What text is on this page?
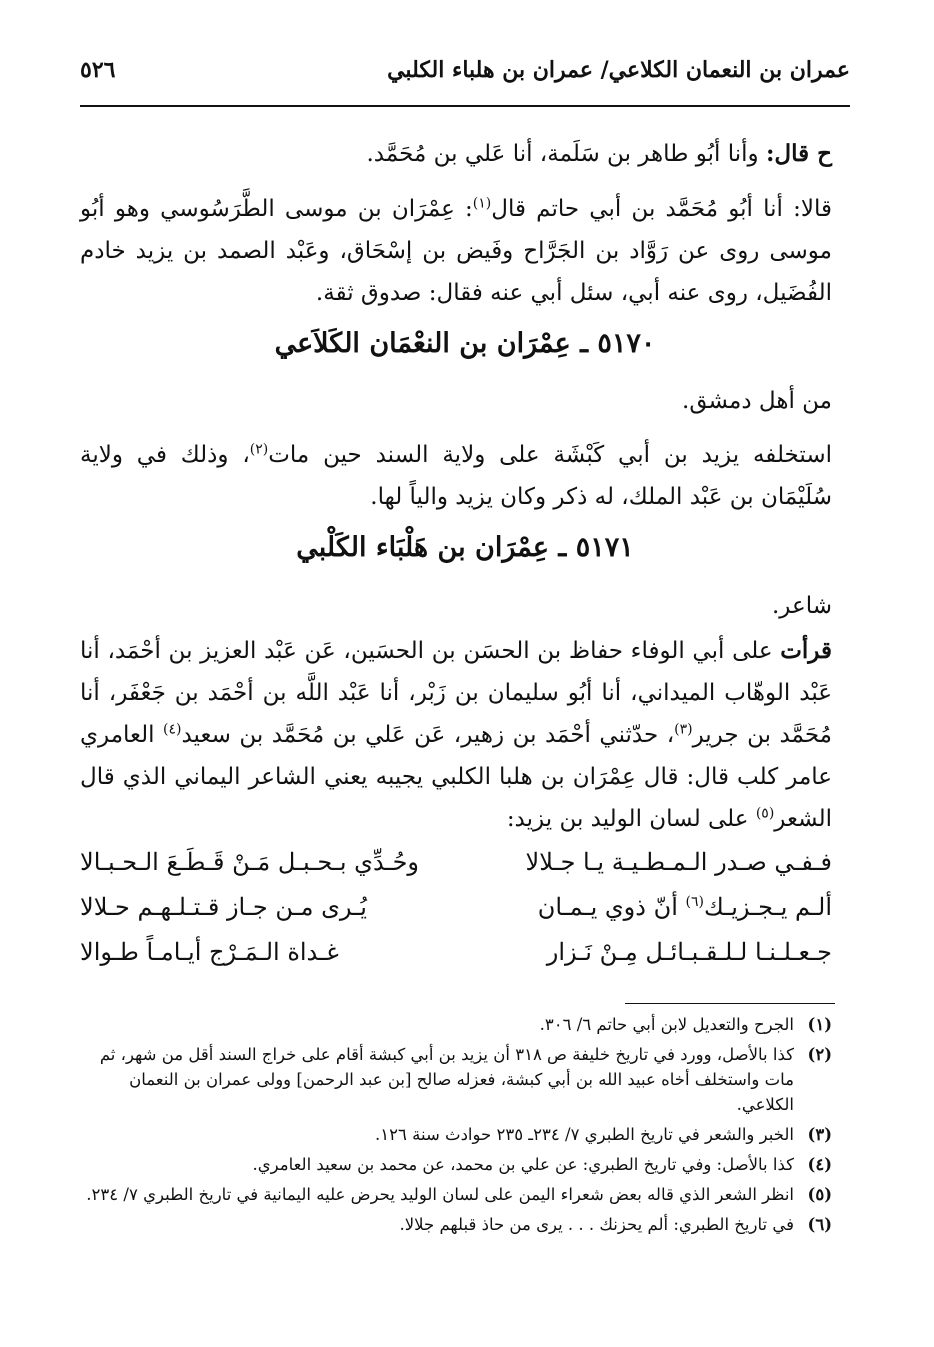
عمران بن النعمان الكلاعي/ عمران بن هلباء الكلبي
٥٢٦
ح قال: وأنا أبُو طاهر بن سَلَمة، أنا عَلي بن مُحَمَّد.
قالا: أنا أبُو مُحَمَّد بن أبي حاتم قال$^{(١)}$: عِمْرَان بن موسى الطَّرَسُوسي وهو أبُو موسى روى عن رَوَّاد بن الجَرَّاح وفَيض بن إسْحَاق، وعَبْد الصمد بن يزيد خادم الفُضَيل، روى عنه أبي، سئل أبي عنه فقال: صدوق ثقة.
٥١٧٠ ـ عِمْرَان بن النعْمَان الكَلاَعي
من أهل دمشق.
استخلفه يزيد بن أبي كَبْشَة على ولاية السند حين مات$^{(٢)}$، وذلك في ولاية سُلَيْمَان بن عَبْد الملك، له ذكر وكان يزيد والياً لها.
٥١٧١ ـ عِمْرَان بن هَلْبَاء الكَلْبي
شاعر.
قرأت على أبي الوفاء حفاظ بن الحسَن بن الحسَين، عَن عَبْد العزيز بن أحْمَد، أنا عَبْد الوهّاب الميداني، أنا أبُو سليمان بن زَبْر، أنا عَبْد اللَّه بن أحْمَد بن جَعْفَر، أنا مُحَمَّد بن جرير$^{(٣)}$، حدّثني أحْمَد بن زهير، عَن عَلي بن مُحَمَّد بن سعيد$^{(٤)}$ العامري عامر كلب قال: قال عِمْرَان بن هلبا الكلبي يجيبه يعني الشاعر اليماني الذي قال الشعر$^{(٥)}$ على لسان الوليد بن يزيد:
فـفـي صـدر الـمـطـيـة يـا جـلالا
وحُـدِّي بـحـبـل مَـنْ قَـطَـعَ الـحـبـالا
ألـم يـجـزيـك$^{(٦)}$ أنّ ذوي يـمـان
يُـرى مـن جـاز قـتـلـهـم حـلالا
جـعـلـنـا لـلـقـبـائـل مِـنْ نَـزار
غـداة الـمَـرْج أيـامـاً طـوالا
(١)
الجرح والتعديل لابن أبي حاتم ٦/ ٣٠٦.
(٢)
كذا بالأصل، وورد في تاريخ خليفة ص ٣١٨ أن يزيد بن أبي كبشة أقام على خراج السند أقل من شهر، ثم مات واستخلف أخاه عبيد الله بن أبي كبشة، فعزله صالح [بن عبد الرحمن] وولى عمران بن النعمان الكلاعي.
(٣)
الخبر والشعر في تاريخ الطبري ٧/ ٢٣٤ـ ٢٣٥ حوادث سنة ١٢٦.
(٤)
كذا بالأصل: وفي تاريخ الطبري: عن علي بن محمد، عن محمد بن سعيد العامري.
(٥)
انظر الشعر الذي قاله بعض شعراء اليمن على لسان الوليد يحرض عليه اليمانية في تاريخ الطبري ٧/ ٢٣٤.
(٦)
في تاريخ الطبري: ألم يحزنك . . . يرى من حاذ قبلهم جلالا.
